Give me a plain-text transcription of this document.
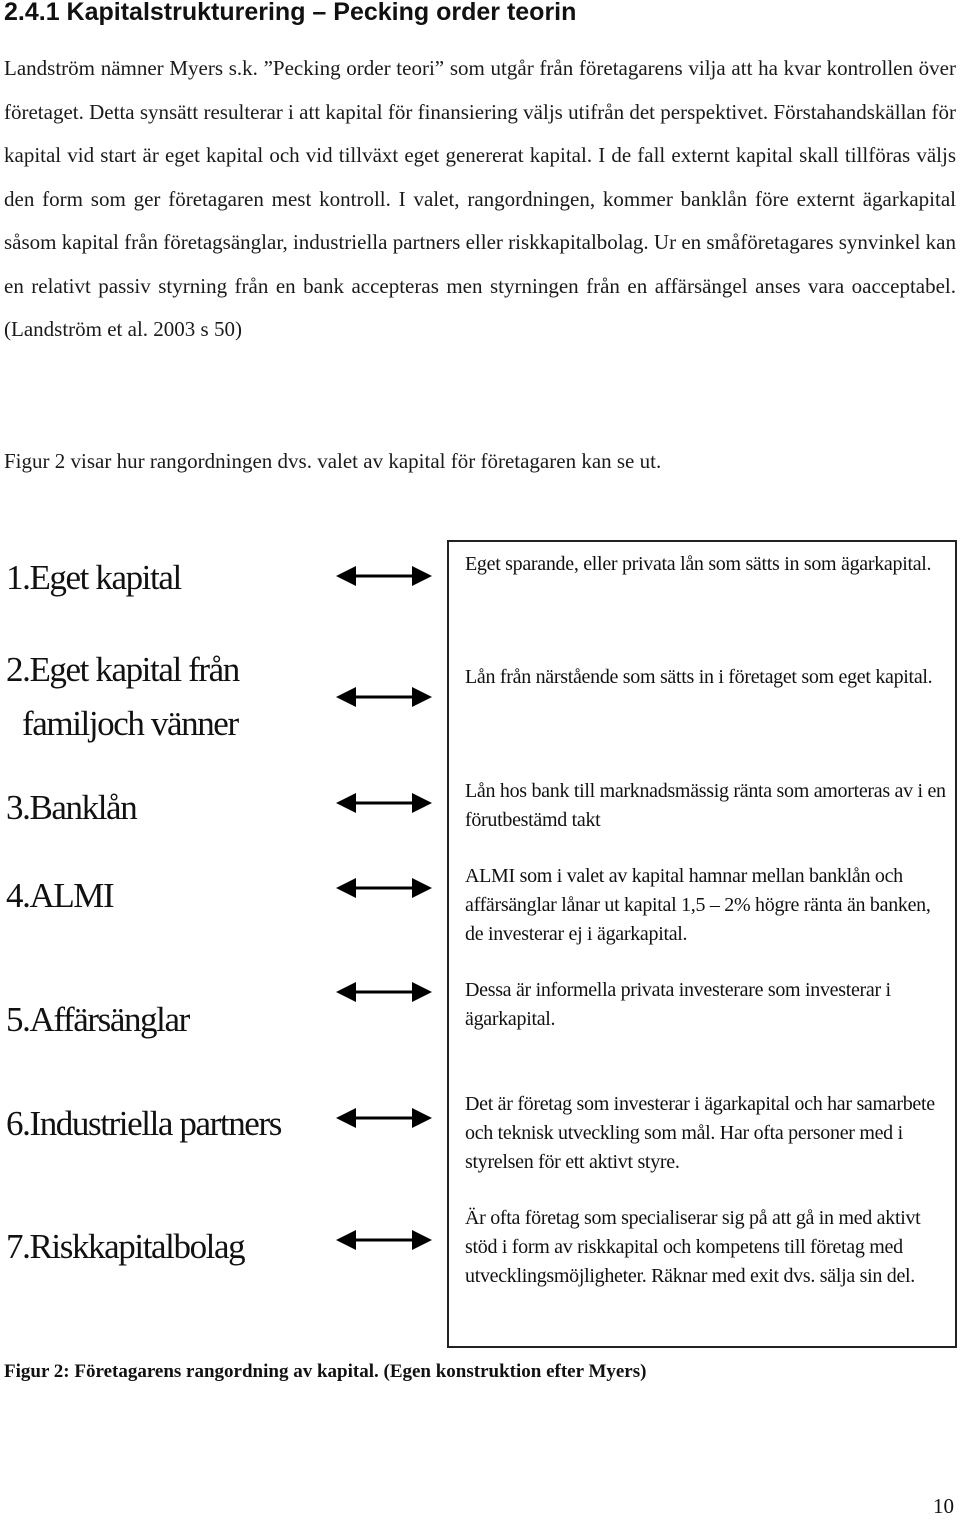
2.4.1 Kapitalstrukturering – Pecking order teorin

Landström nämner Myers s.k. ”Pecking order teori” som utgår från företagarens vilja att ha kvar kontrollen över företaget. Detta synsätt resulterar i att kapital för finansiering väljs utifrån det perspektivet. Förstahandskällan för kapital vid start är eget kapital och vid tillväxt eget genererat kapital. I de fall externt kapital skall tillföras väljs den form som ger företagaren mest kontroll. I valet, rangordningen, kommer banklån före externt ägarkapital såsom kapital från företagsänglar, industriella partners eller riskkapitalbolag. Ur en småföretagares synvinkel kan en relativt passiv styrning från en bank accepteras men styrningen från en affärsängel anses vara oacceptabel. (Landström et al. 2003 s 50)

Figur 2 visar hur rangordningen dvs. valet av kapital för företagaren kan se ut.

1.Eget kapital
2.Eget kapital från
familjoch vänner
3.Banklån
4.ALMI
5.Affärsänglar
6.Industriella partners
7.Riskkapitalbolag

Eget sparande, eller privata lån som sätts in som ägarkapital.

Lån från närstående som sätts in i företaget som eget kapital.

Lån hos bank till marknadsmässig ränta som amorteras av i en förutbestämd takt

ALMI som i valet av kapital hamnar mellan banklån och affärsänglar lånar ut kapital 1,5 – 2% högre ränta än banken, de investerar ej i ägarkapital.

Dessa är informella privata investerare som investerar i ägarkapital.

Det är företag som investerar i ägarkapital och har samarbete och teknisk utveckling som mål. Har ofta personer med i styrelsen för ett aktivt styre.

Är ofta företag som specialiserar sig på att gå in med aktivt stöd i form av riskkapital och kompetens till företag med utvecklingsmöjligheter. Räknar med exit dvs. sälja sin del.

Figur 2: Företagarens rangordning av kapital. (Egen konstruktion efter Myers)
10
